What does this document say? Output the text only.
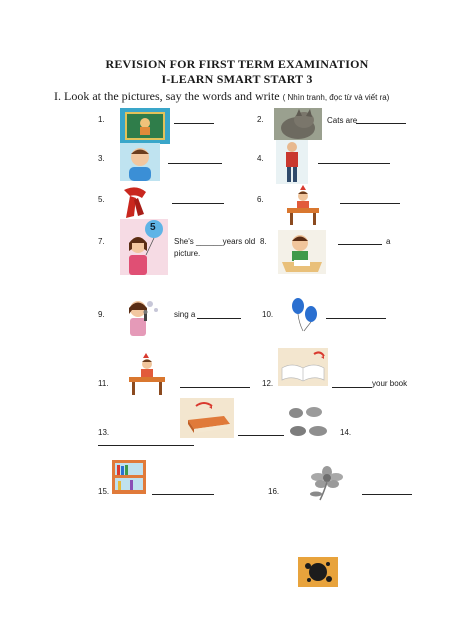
REVISION FOR FIRST TERM EXAMINATION
I-LEARN SMART START 3
I. Look at the pictures, say the words and write ( Nhìn tranh, đọc từ và viết ra)
1.	2.	Cats are
3.	4.
5.	6.
7.
5
She's ______years old
picture.
8.	a
9.	sing a	10.
11.	12.	your book
13.	14.
15.	16.
